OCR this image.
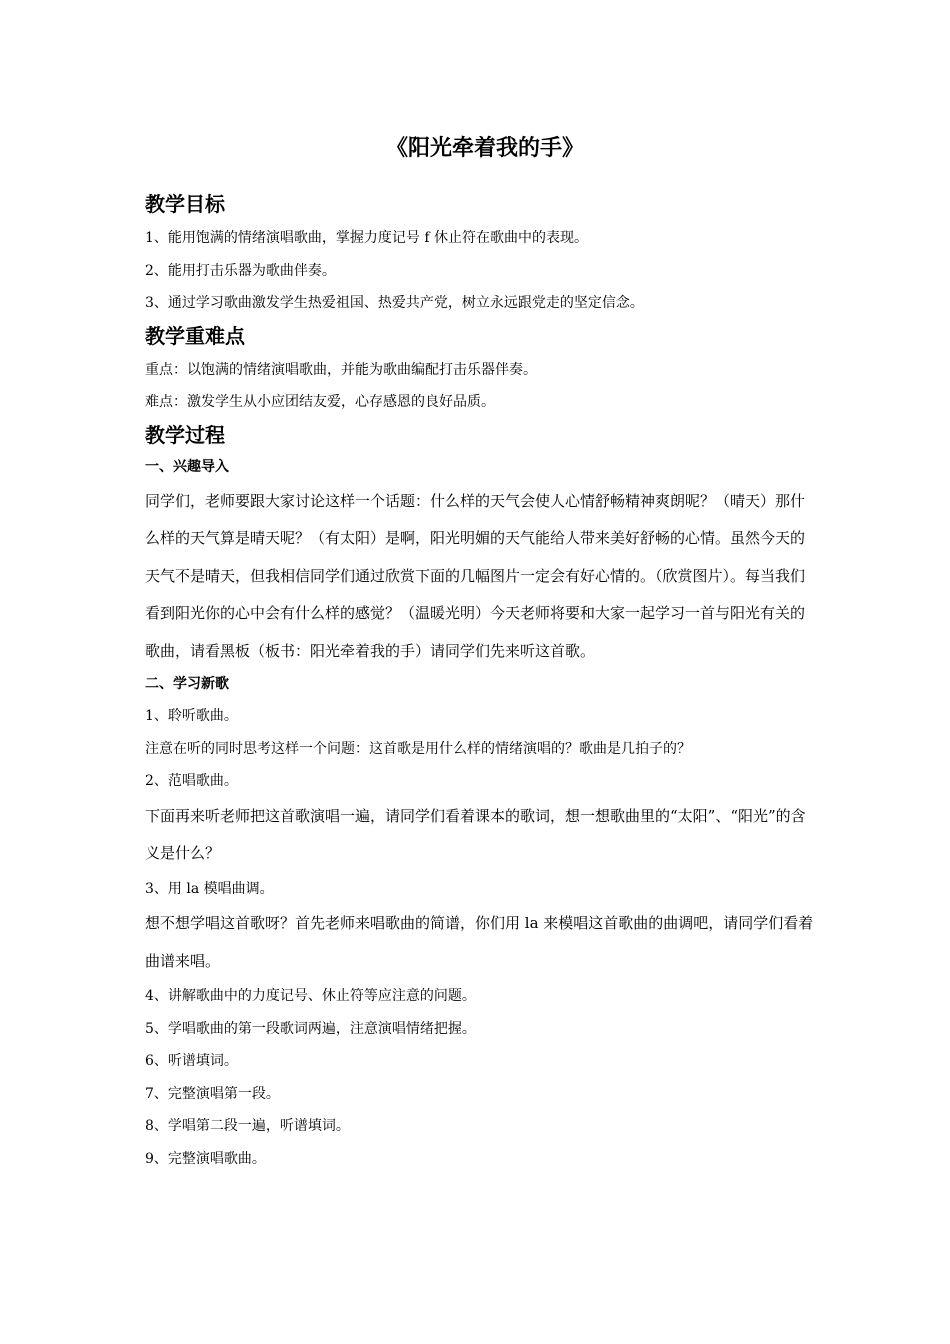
《阳光牵着我的手》
教学目标
1、能用饱满的情绪演唱歌曲，掌握力度记号 f 休止符在歌曲中的表现。
2、能用打击乐器为歌曲伴奏。
3、通过学习歌曲激发学生热爱祖国、热爱共产党，树立永远跟党走的坚定信念。
教学重难点
重点：以饱满的情绪演唱歌曲，并能为歌曲编配打击乐器伴奏。
难点：激发学生从小应团结友爱，心存感恩的良好品质。
教学过程
一、兴趣导入
同学们，老师要跟大家讨论这样一个话题：什么样的天气会使人心情舒畅精神爽朗呢？（晴天）那什么样的天气算是晴天呢？（有太阳）是啊，阳光明媚的天气能给人带来美好舒畅的心情。虽然今天的天气不是晴天，但我相信同学们通过欣赏下面的几幅图片一定会有好心情的。（欣赏图片）。每当我们看到阳光你的心中会有什么样的感觉？（温暖光明）今天老师将要和大家一起学习一首与阳光有关的歌曲，请看黑板（板书：阳光牵着我的手）请同学们先来听这首歌。
二、学习新歌
1、聆听歌曲。
注意在听的同时思考这样一个问题：这首歌是用什么样的情绪演唱的？歌曲是几拍子的？
2、范唱歌曲。
下面再来听老师把这首歌演唱一遍，请同学们看着课本的歌词，想一想歌曲里的“太阳”、“阳光”的含义是什么？
3、用 la 模唱曲调。
想不想学唱这首歌呀？首先老师来唱歌曲的简谱，你们用 la 来模唱这首歌曲的曲调吧，请同学们看着曲谱来唱。
4、讲解歌曲中的力度记号、休止符等应注意的问题。
5、学唱歌曲的第一段歌词两遍，注意演唱情绪把握。
6、听谱填词。
7、完整演唱第一段。
8、学唱第二段一遍，听谱填词。
9、完整演唱歌曲。
